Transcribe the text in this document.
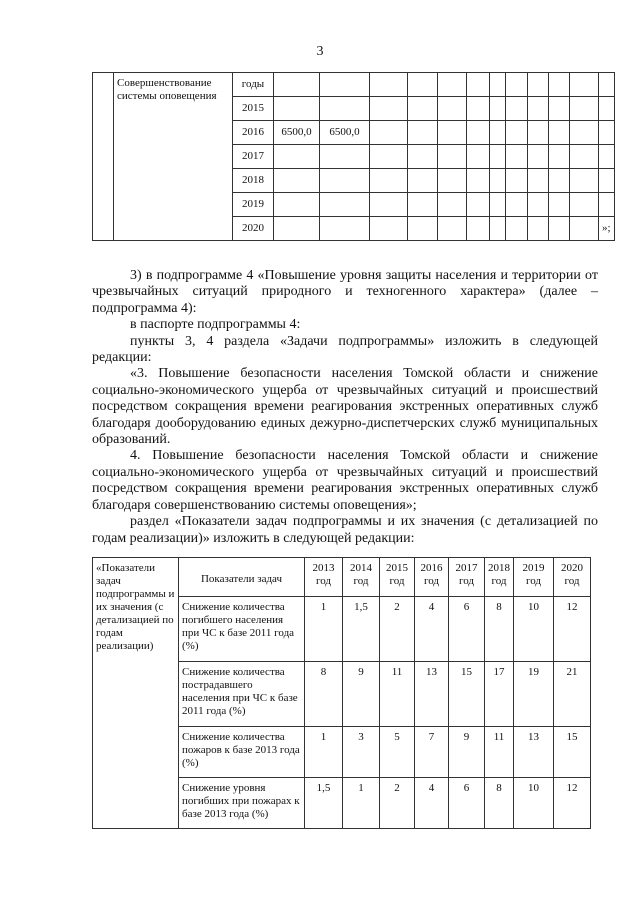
3
	Совершенствование системы оповещения	годы												
		2015												
		2016	6500,0	6500,0										
		2017												
		2018												
		2019												
		2020												»;

3) в подпрограмме 4 «Повышение уровня защиты населения и территории от чрезвычайных ситуаций природного и техногенного характера» (далее – подпрограмма 4):

в паспорте подпрограммы 4:

пункты 3, 4 раздела «Задачи подпрограммы» изложить в следующей редакции:

«3. Повышение безопасности населения Томской области и снижение социально-экономического ущерба от чрезвычайных ситуаций и происшествий посредством сокращения времени реагирования экстренных оперативных служб благодаря дооборудованию единых дежурно-диспетчерских служб муниципальных образований.

4. Повышение безопасности населения Томской области и снижение социально-экономического ущерба от чрезвычайных ситуаций и происшествий посредством сокращения времени реагирования экстренных оперативных служб благодаря совершенствованию системы оповещения»;

раздел «Показатели задач подпрограммы и их значения (с детализацией по годам реализации)» изложить в следующей редакции:

«Показатели задач подпрограммы и их значения (с детализацией по годам реализации)	Показатели задач	2013 год	2014 год	2015 год	2016 год	2017 год	2018 год	2019 год	2020 год
	Снижение количества погибшего населения при ЧС к базе 2011 года (%)	1	1,5	2	4	6	8	10	12
	Снижение количества пострадавшего населения при ЧС к базе 2011 года (%)	8	9	11	13	15	17	19	21
	Снижение количества пожаров к базе 2013 года (%)	1	3	5	7	9	11	13	15
	Снижение уровня погибших при пожарах к базе 2013 года (%)	1,5	1	2	4	6	8	10	12
